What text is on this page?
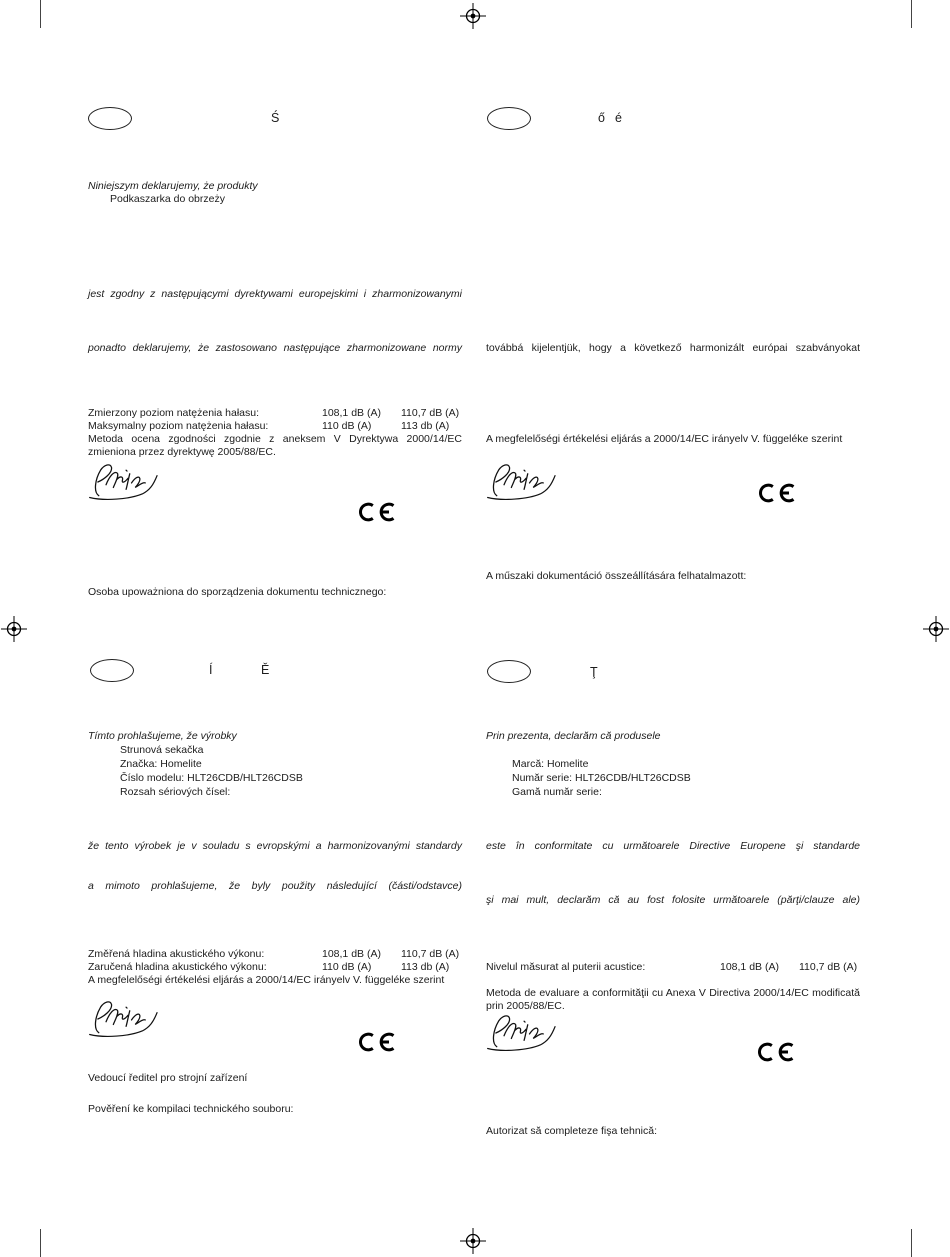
Ś
Niniejszym deklarujemy, że produkty
Podkaszarka do obrzeży
jest zgodny z następującymi dyrektywami europejskimi i zharmonizowanymi
ponadto deklarujemy, że zastosowano następujące zharmonizowane normy
Zmierzony poziom natężenia hałasu:	108,1 dB (A) 110,7 dB (A)
Maksymalny poziom natężenia hałasu:	110 dB (A)	113 db (A)
Metoda ocena zgodności zgodnie z aneksem V Dyrektywa 2000/14/EC zmieniona przez dyrektywę 2005/88/EC.
Osoba upoważniona do sporządzenia dokumentu technicznego:
ő é
továbbá kijelentjük, hogy a következő harmonizált európai szabványokat
A megfelelőségi értékelési eljárás a 2000/14/EC irányelv V. függeléke szerint
A műszaki dokumentáció összeállítására felhatalmazott:
Í	Ě
Tímto prohlašujeme, že výrobky
Strunová sekačka
Značka: Homelite
Číslo modelu: HLT26CDB/HLT26CDSB
Rozsah sériových čísel:
že tento výrobek je v souladu s evropskými a harmonizovanými standardy
a mimoto prohlašujeme, že byly použity následující (části/odstavce)
Změřená hladina akustického výkonu:	108,1 dB (A) 110,7 dB (A)
Zaručená hladina akustického výkonu:	110 dB (A)	113 db (A)
A megfelelőségi értékelési eljárás a 2000/14/EC irányelv V. függeléke szerint
Vedoucí ředitel pro strojní zařízení
Pověření ke kompilaci technického souboru:
Ţ
Prin prezenta, declarăm că produsele
Marcă: Homelite
Număr serie: HLT26CDB/HLT26CDSB
Gamă număr serie:
este în conformitate cu următoarele Directive Europene şi standarde
şi mai mult, declarăm că au fost folosite următoarele (părţi/clauze ale)
Nivelul măsurat al puterii acustice:	108,1 dB (A) 110,7 dB (A)
Metoda de evaluare a conformităţii cu Anexa V Directiva 2000/14/EC modificată prin 2005/88/EC.
Autorizat să completeze fişa tehnică:
